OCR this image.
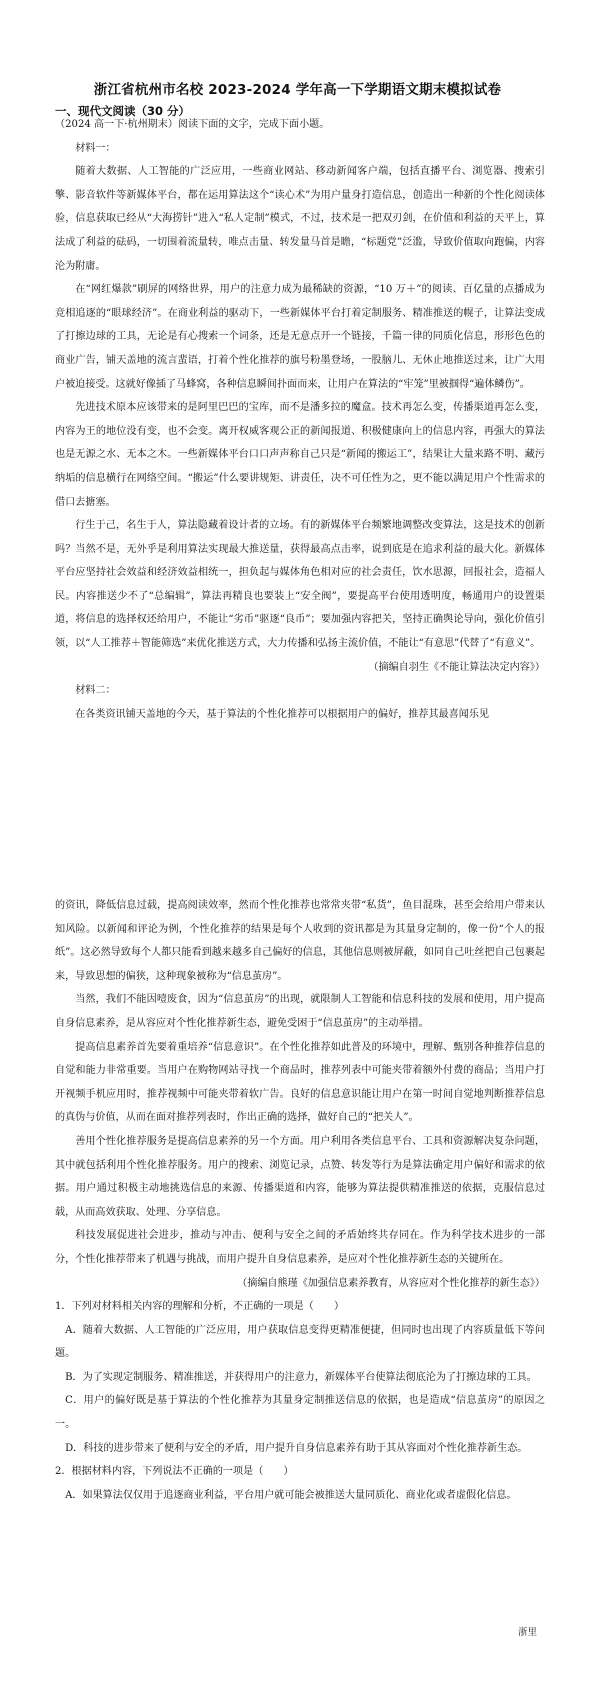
浙江省杭州市名校 2023-2024 学年高一下学期语文期末模拟试卷
一、现代文阅读（30 分）

（2024 高一下·杭州期末）阅读下面的文字，完成下面小题。

材料一：

随着大数据、人工智能的广泛应用，一些商业网站、移动新闻客户端，包括直播平台、浏览器、搜索引擎、影音软件等新媒体平台，都在运用算法这个“读心术”为用户量身打造信息，创造出一种新的个性化阅读体验，信息获取已经从“大海捞针”进入“私人定制”模式，不过，技术是一把双刃剑，在价值和利益的天平上，算法成了利益的砝码，一切围着流量转，唯点击量、转发量马首是瞻，“标题党”泛滥，导致价值取向跑偏，内容沦为附庸。

在“网红爆款”刷屏的网络世界，用户的注意力成为最稀缺的资源，“10 万＋”的阅读、百亿量的点播成为竞相追逐的“眼球经济”。在商业利益的驱动下，一些新媒体平台打着定制服务、精准推送的幌子，让算法变成了打擦边球的工具，无论是有心搜索一个词条，还是无意点开一个链接，千篇一律的同质化信息，形形色色的商业广告，铺天盖地的流言蜚语，打着个性化推荐的旗号粉墨登场，一股脑儿、无休止地推送过来，让广大用户被迫接受。这就好像插了马蜂窝，各种信息瞬间扑面而来，让用户在算法的“牢笼”里被掴得“遍体鳞伤”。

先进技术原本应该带来的是阿里巴巴的宝库，而不是潘多拉的魔盒。技术再怎么变，传播渠道再怎么变，内容为王的地位没有变，也不会变。离开权威客观公正的新闻报道、积极健康向上的信息内容，再强大的算法也是无源之水、无本之木。一些新媒体平台口口声声称自己只是“新闻的搬运工”，结果让大量来路不明、藏污纳垢的信息横行在网络空间。“搬运”什么要讲规矩、讲责任，决不可任性为之，更不能以满足用户个性需求的借口去搪塞。

行生于己，名生于人，算法隐藏着设计者的立场。有的新媒体平台频繁地调整改变算法，这是技术的创新吗？当然不是，无外乎是利用算法实现最大推送量，获得最高点击率，说到底是在追求利益的最大化。新媒体平台应坚持社会效益和经济效益相统一，担负起与媒体角色相对应的社会责任，饮水思源，回报社会，造福人民。内容推送少不了“总编辑”，算法再精良也要装上“安全阀”，要提高平台使用透明度，畅通用户的设置渠道，将信息的选择权还给用户，不能让“劣币”驱逐“良币”；要加强内容把关，坚持正确舆论导向，强化价值引领，以“人工推荐＋智能筛选”来优化推送方式，大力传播和弘扬主流价值，不能让“有意思”代替了“有意义”。

（摘编自羽生《不能让算法决定内容》）

材料二：

在各类资讯铺天盖地的今天，基于算法的个性化推荐可以根据用户的偏好，推荐其最喜闻乐见

的资讯，降低信息过载，提高阅读效率，然而个性化推荐也常常夹带“私货”，鱼目混珠，甚至会给用户带来认知风险。以新闻和评论为例，个性化推荐的结果是每个人收到的资讯都是为其量身定制的，像一份“个人的报纸”。这必然导致每个人都只能看到越来越多自己偏好的信息，其他信息则被屏蔽，如同自己吐丝把自己包裹起来，导致思想的偏狭，这种现象被称为“信息茧房”。

当然，我们不能因噎废食，因为“信息茧房”的出现，就限制人工智能和信息科技的发展和使用，用户提高自身信息素养，是从容应对个性化推荐新生态，避免受困于“信息茧房”的主动举措。

提高信息素养首先要着重培养“信息意识”。在个性化推荐如此普及的环境中，理解、甄别各种推荐信息的自觉和能力非常重要。当用户在购物网站寻找一个商品时，推荐列表中可能夹带着额外付费的商品；当用户打开视频手机应用时，推荐视频中可能夹带着软广告。良好的信息意识能让用户在第一时间自觉地判断推荐信息的真伪与价值，从而在面对推荐列表时，作出正确的选择，做好自己的“把关人”。

善用个性化推荐服务是提高信息素养的另一个方面。用户利用各类信息平台、工具和资源解决复杂问题，其中就包括利用个性化推荐服务。用户的搜索、浏览记录，点赞、转发等行为是算法确定用户偏好和需求的依据。用户通过积极主动地挑选信息的来源、传播渠道和内容，能够为算法提供精准推送的依据，克服信息过载，从而高效获取、处理、分享信息。

科技发展促进社会进步，推动与冲击、便利与安全之间的矛盾始终共存同在。作为科学技术进步的一部分，个性化推荐带来了机遇与挑战，而用户提升自身信息素养，是应对个性化推荐新生态的关键所在。

（摘编自熊瑾《加强信息素养教育，从容应对个性化推荐的新生态》）

1．下列对材料相关内容的理解和分析，不正确的一项是（　　）

A．随着大数据、人工智能的广泛应用，用户获取信息变得更精准便捷，但同时也出现了内容质量低下等问题。

B．为了实现定制服务、精准推送，并获得用户的注意力，新媒体平台使算法彻底沦为了打擦边球的工具。

C．用户的偏好既是基于算法的个性化推荐为其量身定制推送信息的依据，也是造成“信息茧房”的原因之一。

D．科技的进步带来了便利与安全的矛盾，用户提升自身信息素养有助于其从容面对个性化推荐新生态。

2．根据材料内容，下列说法不正确的一项是（　　）

A．如果算法仅仅用于追逐商业利益，平台用户就可能会被推送大量同质化、商业化或者虚假化信息。

浙里
